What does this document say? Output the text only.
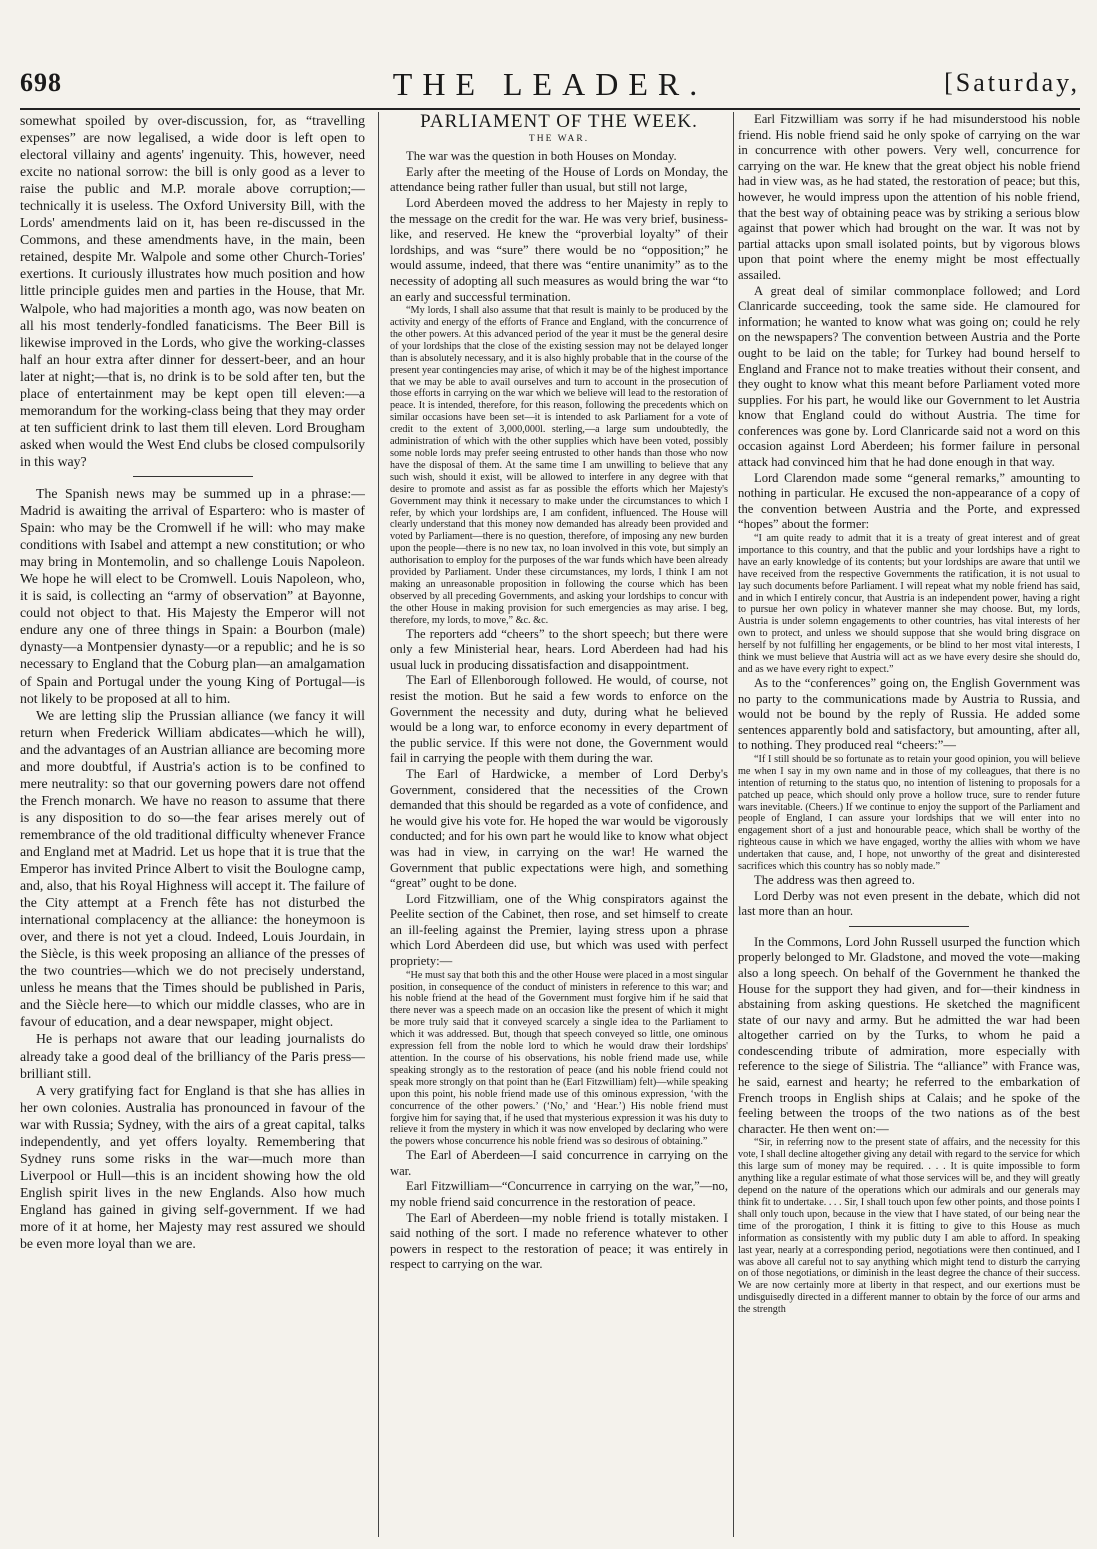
698	THE LEADER.	[Saturday,

somewhat spoiled by over-discussion, for, as “travelling expenses” are now legalised, a wide door is left open to electoral villainy and agents' ingenuity. This, however, need excite no national sorrow: the bill is only good as a lever to raise the public and M.P. morale above corruption;—technically it is useless. The Oxford University Bill, with the Lords' amendments laid on it, has been re-discussed in the Commons, and these amendments have, in the main, been retained, despite Mr. Walpole and some other Church-Tories' exertions. It curiously illustrates how much position and how little principle guides men and parties in the House, that Mr. Walpole, who had majorities a month ago, was now beaten on all his most tenderly-fondled fanaticisms. The Beer Bill is likewise improved in the Lords, who give the working-classes half an hour extra after dinner for dessert-beer, and an hour later at night;—that is, no drink is to be sold after ten, but the place of entertainment may be kept open till eleven:—a memorandum for the working-class being that they may order at ten sufficient drink to last them till eleven. Lord Brougham asked when would the West End clubs be closed compulsorily in this way?

The Spanish news may be summed up in a phrase:—Madrid is awaiting the arrival of Espartero: who is master of Spain: who may be the Cromwell if he will: who may make conditions with Isabel and attempt a new constitution; or who may bring in Montemolin, and so challenge Louis Napoleon. We hope he will elect to be Cromwell. Louis Napoleon, who, it is said, is collecting an “army of observation” at Bayonne, could not object to that. His Majesty the Emperor will not endure any one of three things in Spain: a Bourbon (male) dynasty—a Montpensier dynasty—or a republic; and he is so necessary to England that the Coburg plan—an amalgamation of Spain and Portugal under the young King of Portugal—is not likely to be proposed at all to him.

We are letting slip the Prussian alliance (we fancy it will return when Frederick William abdicates—which he will), and the advantages of an Austrian alliance are becoming more and more doubtful, if Austria's action is to be confined to mere neutrality: so that our governing powers dare not offend the French monarch. We have no reason to assume that there is any disposition to do so—the fear arises merely out of remembrance of the old traditional difficulty whenever France and England met at Madrid. Let us hope that it is true that the Emperor has invited Prince Albert to visit the Boulogne camp, and, also, that his Royal Highness will accept it. The failure of the City attempt at a French fête has not disturbed the international complacency at the alliance: the honeymoon is over, and there is not yet a cloud. Indeed, Louis Jourdain, in the Siècle, is this week proposing an alliance of the presses of the two countries—which we do not precisely understand, unless he means that the Times should be published in Paris, and the Siècle here—to which our middle classes, who are in favour of education, and a dear newspaper, might object.

He is perhaps not aware that our leading journalists do already take a good deal of the brilliancy of the Paris press—brilliant still.

A very gratifying fact for England is that she has allies in her own colonies. Australia has pronounced in favour of the war with Russia; Sydney, with the airs of a great capital, talks independently, and yet offers loyalty. Remembering that Sydney runs some risks in the war—much more than Liverpool or Hull—this is an incident showing how the old English spirit lives in the new Englands. Also how much England has gained in giving self-government. If we had more of it at home, her Majesty may rest assured we should be even more loyal than we are.

PARLIAMENT OF THE WEEK.
THE WAR.

The war was the question in both Houses on Monday.

Early after the meeting of the House of Lords on Monday, the attendance being rather fuller than usual, but still not large,

Lord Aberdeen moved the address to her Majesty in reply to the message on the credit for the war. He was very brief, business-like, and reserved. He knew the “proverbial loyalty” of their lordships, and was “sure” there would be no “opposition;” he would assume, indeed, that there was “entire unanimity” as to the necessity of adopting all such measures as would bring the war “to an early and successful termination.

“My lords, I shall also assume that that result is mainly to be produced by the activity and energy of the efforts of France and England, with the concurrence of the other powers. At this advanced period of the year it must be the general desire of your lordships that the close of the existing session may not be delayed longer than is absolutely necessary, and it is also highly probable that in the course of the present year contingencies may arise, of which it may be of the highest importance that we may be able to avail ourselves and turn to account in the prosecution of those efforts in carrying on the war which we believe will lead to the restoration of peace. It is intended, therefore, for this reason, following the precedents which on similar occasions have been set—it is intended to ask Parliament for a vote of credit to the extent of 3,000,000l. sterling,—a large sum undoubtedly, the administration of which with the other supplies which have been voted, possibly some noble lords may prefer seeing entrusted to other hands than those who now have the disposal of them. At the same time I am unwilling to believe that any such wish, should it exist, will be allowed to interfere in any degree with that desire to promote and assist as far as possible the efforts which her Majesty's Government may think it necessary to make under the circumstances to which I refer, by which your lordships are, I am confident, influenced. The House will clearly understand that this money now demanded has already been provided and voted by Parliament—there is no question, therefore, of imposing any new burden upon the people—there is no new tax, no loan involved in this vote, but simply an authorisation to employ for the purposes of the war funds which have been already provided by Parliament. Under these circumstances, my lords, I think I am not making an unreasonable proposition in following the course which has been observed by all preceding Governments, and asking your lordships to concur with the other House in making provision for such emergencies as may arise. I beg, therefore, my lords, to move,” &c. &c.

The reporters add “cheers” to the short speech; but there were only a few Ministerial hear, hears. Lord Aberdeen had had his usual luck in producing dissatisfaction and disappointment.

The Earl of Ellenborough followed. He would, of course, not resist the motion. But he said a few words to enforce on the Government the necessity and duty, during what he believed would be a long war, to enforce economy in every department of the public service. If this were not done, the Government would fail in carrying the people with them during the war.

The Earl of Hardwicke, a member of Lord Derby's Government, considered that the necessities of the Crown demanded that this should be regarded as a vote of confidence, and he would give his vote for. He hoped the war would be vigorously conducted; and for his own part he would like to know what object was had in view, in carrying on the war! He warned the Government that public expectations were high, and something “great” ought to be done.

Lord Fitzwilliam, one of the Whig conspirators against the Peelite section of the Cabinet, then rose, and set himself to create an ill-feeling against the Premier, laying stress upon a phrase which Lord Aberdeen did use, but which was used with perfect propriety:—

“He must say that both this and the other House were placed in a most singular position, in consequence of the conduct of ministers in reference to this war; and his noble friend at the head of the Government must forgive him if he said that there never was a speech made on an occasion like the present of which it might be more truly said that it conveyed scarcely a single idea to the Parliament to which it was addressed. But, though that speech conveyed so little, one ominous expression fell from the noble lord to which he would draw their lordships' attention. In the course of his observations, his noble friend made use, while speaking strongly as to the restoration of peace (and his noble friend could not speak more strongly on that point than he (Earl Fitzwilliam) felt)—while speaking upon this point, his noble friend made use of this ominous expression, ‘with the concurrence of the other powers.’ (‘No,’ and ‘Hear.’) His noble friend must forgive him for saying that, if he used that mysterious expression it was his duty to relieve it from the mystery in which it was now enveloped by declaring who were the powers whose concurrence his noble friend was so desirous of obtaining.”

The Earl of Aberdeen—I said concurrence in carrying on the war.

Earl Fitzwilliam—“Concurrence in carrying on the war,”—no, my noble friend said concurrence in the restoration of peace.

The Earl of Aberdeen—my noble friend is totally mistaken. I said nothing of the sort. I made no reference whatever to other powers in respect to the restoration of peace; it was entirely in respect to carrying on the war.

Earl Fitzwilliam was sorry if he had misunderstood his noble friend. His noble friend said he only spoke of carrying on the war in concurrence with other powers. Very well, concurrence for carrying on the war. He knew that the great object his noble friend had in view was, as he had stated, the restoration of peace; but this, however, he would impress upon the attention of his noble friend, that the best way of obtaining peace was by striking a serious blow against that power which had brought on the war. It was not by partial attacks upon small isolated points, but by vigorous blows upon that point where the enemy might be most effectually assailed.

A great deal of similar commonplace followed; and Lord Clanricarde succeeding, took the same side. He clamoured for information; he wanted to know what was going on; could he rely on the newspapers? The convention between Austria and the Porte ought to be laid on the table; for Turkey had bound herself to England and France not to make treaties without their consent, and they ought to know what this meant before Parliament voted more supplies. For his part, he would like our Government to let Austria know that England could do without Austria. The time for conferences was gone by. Lord Clanricarde said not a word on this occasion against Lord Aberdeen; his former failure in personal attack had convinced him that he had done enough in that way.

Lord Clarendon made some “general remarks,” amounting to nothing in particular. He excused the non-appearance of a copy of the convention between Austria and the Porte, and expressed “hopes” about the former:

“I am quite ready to admit that it is a treaty of great interest and of great importance to this country, and that the public and your lordships have a right to have an early knowledge of its contents; but your lordships are aware that until we have received from the respective Governments the ratification, it is not usual to lay such documents before Parliament. I will repeat what my noble friend has said, and in which I entirely concur, that Austria is an independent power, having a right to pursue her own policy in whatever manner she may choose. But, my lords, Austria is under solemn engagements to other countries, has vital interests of her own to protect, and unless we should suppose that she would bring disgrace on herself by not fulfilling her engagements, or be blind to her most vital interests, I think we must believe that Austria will act as we have every desire she should do, and as we have every right to expect.”

As to the “conferences” going on, the English Government was no party to the communications made by Austria to Russia, and would not be bound by the reply of Russia. He added some sentences apparently bold and satisfactory, but amounting, after all, to nothing. They produced real “cheers:”—

“If I still should be so fortunate as to retain your good opinion, you will believe me when I say in my own name and in those of my colleagues, that there is no intention of returning to the status quo, no intention of listening to proposals for a patched up peace, which should only prove a hollow truce, sure to render future wars inevitable. (Cheers.) If we continue to enjoy the support of the Parliament and people of England, I can assure your lordships that we will enter into no engagement short of a just and honourable peace, which shall be worthy of the righteous cause in which we have engaged, worthy the allies with whom we have undertaken that cause, and, I hope, not unworthy of the great and disinterested sacrifices which this country has so nobly made.”

The address was then agreed to.

Lord Derby was not even present in the debate, which did not last more than an hour.

In the Commons, Lord John Russell usurped the function which properly belonged to Mr. Gladstone, and moved the vote—making also a long speech. On behalf of the Government he thanked the House for the support they had given, and for—their kindness in abstaining from asking questions. He sketched the magnificent state of our navy and army. But he admitted the war had been altogether carried on by the Turks, to whom he paid a condescending tribute of admiration, more especially with reference to the siege of Silistria. The “alliance” with France was, he said, earnest and hearty; he referred to the embarkation of French troops in English ships at Calais; and he spoke of the feeling between the troops of the two nations as of the best character. He then went on:—

“Sir, in referring now to the present state of affairs, and the necessity for this vote, I shall decline altogether giving any detail with regard to the service for which this large sum of money may be required. . . . It is quite impossible to form anything like a regular estimate of what those services will be, and they will greatly depend on the nature of the operations which our admirals and our generals may think fit to undertake. . . . Sir, I shall touch upon few other points, and those points I shall only touch upon, because in the view that I have stated, of our being near the time of the prorogation, I think it is fitting to give to this House as much information as consistently with my public duty I am able to afford. In speaking last year, nearly at a corresponding period, negotiations were then continued, and I was above all careful not to say anything which might tend to disturb the carrying on of those negotiations, or diminish in the least degree the chance of their success. We are now certainly more at liberty in that respect, and our exertions must be undisguisedly directed in a different manner to obtain by the force of our arms and the strength
